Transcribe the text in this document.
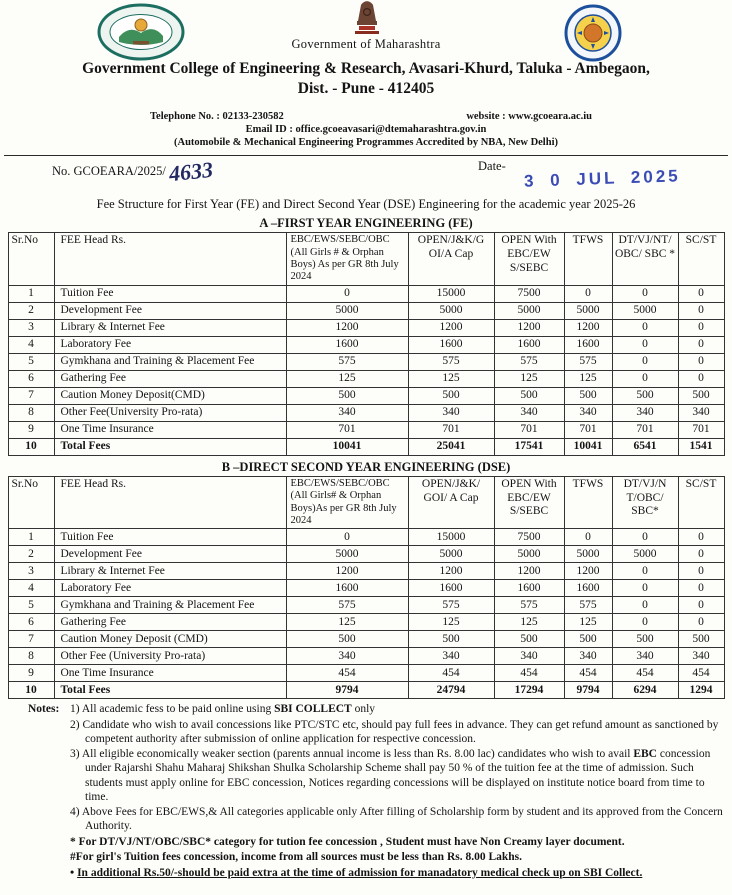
Government of Maharashtra
Government College of Engineering & Research, Avasari-Khurd, Taluka - Ambegaon,
Dist. - Pune - 412405
Telephone No. : 02133-230582	website : www.gcoeara.ac.iu
Email ID : office.gcoeavasari@dtemaharashtra.gov.in
(Automobile & Mechanical Engineering Programmes Accredited by NBA, New Delhi)
No. GCOEARA/2025/4633	Date-
3 0 JUL 2025
Fee Structure for First Year (FE) and Direct Second Year (DSE) Engineering for the academic year 2025-26
A –FIRST YEAR ENGINEERING (FE)
Sr.No	FEE Head Rs.	EBC/EWS/SEBC/OBC (All Girls # & Orphan Boys) As per GR 8th July 2024	OPEN/J&K/G OI/A Cap	OPEN With EBC/EW S/SEBC	TFWS	DT/VJ/NT/ OBC/ SBC *	SC/ST
1	Tuition Fee	0	15000	7500	0	0	0
2	Development Fee	5000	5000	5000	5000	5000	0
3	Library & Internet Fee	1200	1200	1200	1200	0	0
4	Laboratory Fee	1600	1600	1600	1600	0	0
5	Gymkhana and Training & Placement Fee	575	575	575	575	0	0
6	Gathering Fee	125	125	125	125	0	0
7	Caution Money Deposit(CMD)	500	500	500	500	500	500
8	Other Fee(University Pro-rata)	340	340	340	340	340	340
9	One Time Insurance	701	701	701	701	701	701
10	Total Fees	10041	25041	17541	10041	6541	1541
B –DIRECT SECOND YEAR ENGINEERING (DSE)
Sr.No	FEE Head Rs.	EBC/EWS/SEBC/OBC (All Girls# & Orphan Boys)As per GR 8th July 2024	OPEN/J&K/ GOI/ A Cap	OPEN With EBC/EW S/SEBC	TFWS	DT/VJ/N T/OBC/ SBC*	SC/ST
1	Tuition Fee	0	15000	7500	0	0	0
2	Development Fee	5000	5000	5000	5000	5000	0
3	Library & Internet Fee	1200	1200	1200	1200	0	0
4	Laboratory Fee	1600	1600	1600	1600	0	0
5	Gymkhana and Training & Placement Fee	575	575	575	575	0	0
6	Gathering Fee	125	125	125	125	0	0
7	Caution Money Deposit (CMD)	500	500	500	500	500	500
8	Other Fee (University Pro-rata)	340	340	340	340	340	340
9	One Time Insurance	454	454	454	454	454	454
10	Total Fees	9794	24794	17294	9794	6294	1294
Notes: 1) All academic fess to be paid online using SBI COLLECT only

2) Candidate who wish to avail concessions like PTC/STC etc, should pay full fees in advance. They can get refund amount as sanctioned by competent authority after submission of online application for respective concession.

3) All eligible economically weaker section (parents annual income is less than Rs. 8.00 lac) candidates who wish to avail EBC concession under Rajarshi Shahu Maharaj Shikshan Shulka Scholarship Scheme shall pay 50 % of the tuition fee at the time of admission. Such students must apply online for EBC concession, Notices regarding concessions will be displayed on institute notice board from time to time.

4) Above Fees for EBC/EWS,& All categories applicable only After filling of Scholarship form by student and its approved from the Concern Authority.

* For DT/VJ/NT/OBC/SBC* category for tution fee concession , Student must have Non Creamy layer document.

#For girl's Tuition fees concession, income from all sources must be less than Rs. 8.00 Lakhs.

• In additional Rs.50/-should be paid extra at the time of admission for manadatory medical check up on SBI Collect.
